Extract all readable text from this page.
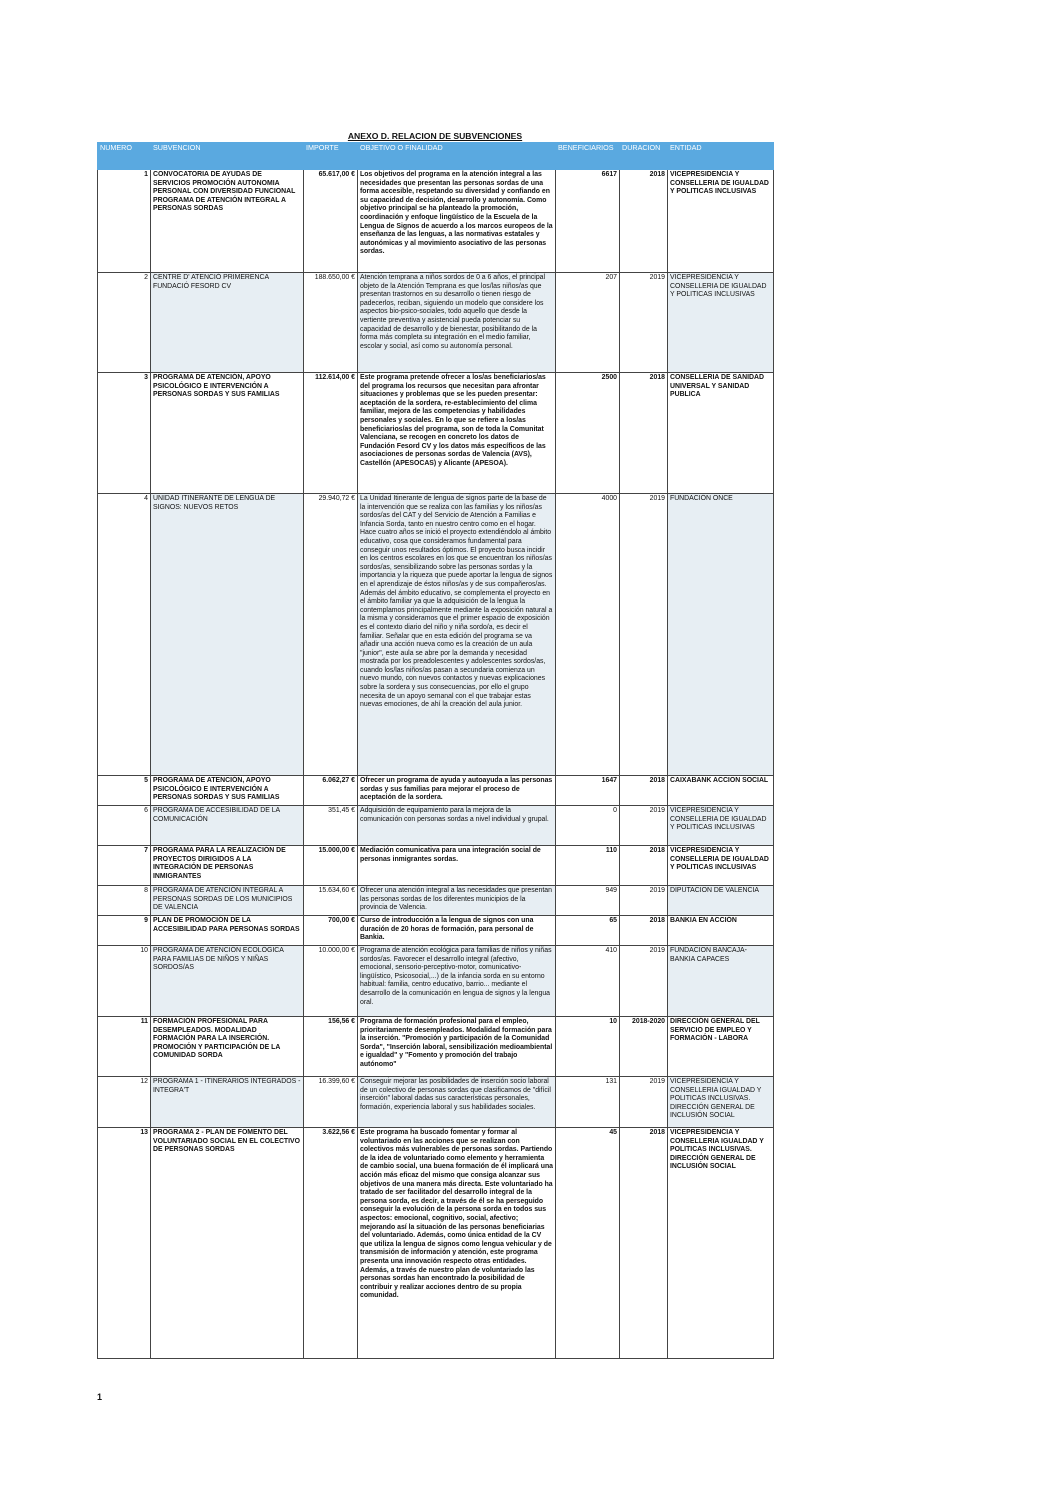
ANEXO D. RELACION DE SUBVENCIONES
NUMERO	SUBVENCION	IMPORTE	OBJETIVO O FINALIDAD	BENEFICIARIOS	DURACION	ENTIDAD
1	CONVOCATORIA DE AYUDAS DE SERVICIOS PROMOCIÓN AUTONOMIA PERSONAL CON DIVERSIDAD FUNCIONAL PROGRAMA DE ATENCIÓN INTEGRAL A PERSONAS SORDAS	65.617,00 €	Los objetivos del programa en la atención integral a las necesidades que presentan las personas sordas de una forma accesible, respetando su diversidad y confiando en su capacidad de decisión, desarrollo y autonomía. Como objetivo principal se ha planteado la promoción, coordinación y enfoque lingüístico de la Escuela de la Lengua de Signos de acuerdo a los marcos europeos de la enseñanza de las lenguas, a las normativas estatales y autonómicas y al movimiento asociativo de las personas sordas.	6617	2018	VICEPRESIDENCIA Y CONSELLERIA DE IGUALDAD Y POLITICAS INCLUSIVAS
2	CENTRE D' ATENCIÓ PRIMERENCA FUNDACIÓ FESORD CV	188.650,00 €	Atención temprana a niños sordos de 0 a 6 años, el principal objeto de la Atención Temprana es que los/las niños/as que presentan trastornos en su desarrollo o tienen riesgo de padecerlos, reciban, siguiendo un modelo que considere los aspectos bio-psico-sociales, todo aquello que desde la vertiente preventiva y asistencial pueda potenciar su capacidad de desarrollo y de bienestar, posibilitando de la forma más completa su integración en el medio familiar, escolar y social, así como su autonomía personal.	207	2019	VICEPRESIDENCIA Y CONSELLERIA DE IGUALDAD Y POLITICAS INCLUSIVAS
3	PROGRAMA DE ATENCIÓN, APOYO PSICOLÓGICO E INTERVENCIÓN A PERSONAS SORDAS Y SUS FAMILIAS	112.614,00 €	Este programa pretende ofrecer a los/as beneficiarios/as del programa los recursos que necesitan para afrontar situaciones y problemas que se les pueden presentar: aceptación de la sordera, re-establecimiento del clima familiar, mejora de las competencias y habilidades personales y sociales. En lo que se refiere a los/as beneficiarios/as del programa, son de toda la Comunitat Valenciana, se recogen en concreto los datos de Fundación Fesord CV y los datos más específicos de las asociaciones de personas sordas de Valencia (AVS), Castellón (APESOCAS) y Alicante (APESOA).	2500	2018	CONSELLERIA DE SANIDAD UNIVERSAL Y SANIDAD PUBLICA
4	UNIDAD ITINERANTE DE LENGUA DE SIGNOS: NUEVOS RETOS	29.940,72 €	La Unidad Itinerante de lengua de signos parte de la base de la intervención que se realiza con las familias y los niños/as sordos/as del CAT y del Servicio de Atención a Familias e Infancia Sorda, tanto en nuestro centro como en el hogar. Hace cuatro años se inició el proyecto extendiéndolo al ámbito educativo, cosa que consideramos fundamental para conseguir unos resultados óptimos. El proyecto busca incidir en los centros escolares en los que se encuentran los niños/as sordos/as, sensibilizando sobre las personas sordas y la importancia y la riqueza que puede aportar la lengua de signos en el aprendizaje de éstos niños/as y de sus compañeros/as. Además del ámbito educativo, se complementa el proyecto en el ámbito familiar ya que la adquisición de la lengua la contemplamos principalmente mediante la exposición natural a la misma y consideramos que el primer espacio de exposición es el contexto diario del niño y niña sordo/a, es decir el familiar. Señalar que en esta edición del programa se va añadir una acción nueva como es la creación de un aula "junior", este aula se abre por la demanda y necesidad mostrada por los preadolescentes y adolescentes sordos/as, cuando los/las niños/as pasan a secundaria comienza un nuevo mundo, con nuevos contactos y nuevas explicaciones sobre la sordera y sus consecuencias, por ello el grupo necesita de un apoyo semanal con el que trabajar estas nuevas emociones, de ahí la creación del aula junior.	4000	2019	FUNDACIÓN ONCE
5	PROGRAMA DE ATENCIÓN, APOYO PSICOLÓGICO E INTERVENCIÓN A PERSONAS SORDAS Y SUS FAMILIAS	6.062,27 €	Ofrecer un programa de ayuda y autoayuda a las personas sordas y sus familias para mejorar el proceso de aceptación de la sordera.	1647	2018	CAIXABANK ACCION SOCIAL
6	PROGRAMA DE ACCESIBILIDAD DE LA COMUNICACIÓN	351,45 €	Adquisición de equipamiento para la mejora de la comunicación con personas sordas a nivel individual y grupal.	0	2019	VICEPRESIDENCIA Y CONSELLERIA DE IGUALDAD Y POLITICAS INCLUSIVAS
7	PROGRAMA PARA LA REALIZACIÓN DE PROYECTOS DIRIGIDOS A LA INTEGRACIÓN DE PERSONAS INMIGRANTES	15.000,00 €	Mediación comunicativa para una integración social de personas inmigrantes sordas.	110	2018	VICEPRESIDENCIA Y CONSELLERIA DE IGUALDAD Y POLITICAS INCLUSIVAS
8	PROGRAMA DE ATENCIÓN INTEGRAL A PERSONAS SORDAS DE LOS MUNICIPIOS DE VALENCIA	15.634,60 €	Ofrecer una atención integral a las necesidades que presentan las personas sordas de los diferentes municipios de la provincia de Valencia.	949	2019	DIPUTACION DE VALENCIA
9	PLAN DE PROMOCIÓN DE LA ACCESIBILIDAD PARA PERSONAS SORDAS	700,00 €	Curso de introducción a la lengua de signos con una duración de 20 horas de formación, para personal de Bankia.	65	2018	BANKIA EN ACCIÓN
10	PROGRAMA DE ATENCIÓN ECOLÓGICA PARA FAMILIAS DE NIÑOS Y NIÑAS SORDOS/AS	10.000,00 €	Programa de atención ecológica para familias de niños y niñas sordos/as. Favorecer el desarrollo integral (afectivo, emocional, sensorio-perceptivo-motor, comunicativo-lingüístico, Psicosocial,...) de la infancia sorda en su entorno habitual: familia, centro educativo, barrio... mediante el desarrollo de la comunicación en lengua de signos y la lengua oral.	410	2019	FUNDACION BANCAJA-BANKIA CAPACES
11	FORMACIÓN PROFESIONAL PARA DESEMPLEADOS. MODALIDAD FORMACIÓN PARA LA INSERCIÓN. PROMOCIÓN Y PARTICIPACIÓN DE LA COMUNIDAD SORDA	156,56 €	Programa de formación profesional para el empleo, prioritariamente desempleados. Modalidad formación para la inserción. "Promoción y participación de la Comunidad Sorda", "Inserción laboral, sensibilización medioambiental e igualdad" y "Fomento y promoción del trabajo autónomo"	10	2018-2020	DIRECCIÓN GENERAL DEL SERVICIO DE EMPLEO Y FORMACIÓN - LABORA
12	PROGRAMA 1 - ITINERARIOS INTEGRADOS - INTEGRA'T	16.399,60 €	Conseguir mejorar las posibilidades de inserción socio laboral de un colectivo de personas sordas que clasificamos de "difícil inserción" laboral dadas sus características personales, formación, experiencia laboral y sus habilidades sociales.	131	2019	VICEPRESIDENCIA Y CONSELLERIA IGUALDAD Y POLITICAS INCLUSIVAS. DIRECCIÓN GENERAL DE INCLUSIÓN SOCIAL
13	PROGRAMA 2 - PLAN DE FOMENTO DEL VOLUNTARIADO SOCIAL EN EL COLECTIVO DE PERSONAS SORDAS	3.622,56 €	Este programa ha buscado fomentar y formar al voluntariado en las acciones que se realizan con colectivos más vulnerables de personas sordas. Partiendo de la idea de voluntariado como elemento y herramienta de cambio social, una buena formación de él implicará una acción más eficaz del mismo que consiga alcanzar sus objetivos de una manera más directa. Este voluntariado ha tratado de ser facilitador del desarrollo integral de la persona sorda, es decir, a través de él se ha perseguido conseguir la evolución de la persona sorda en todos sus aspectos: emocional, cognitivo, social, afectivo; mejorando así la situación de las personas beneficiarias del voluntariado. Además, como única entidad de la CV que utiliza la lengua de signos como lengua vehicular y de transmisión de información y atención, este programa presenta una innovación respecto otras entidades. Además, a través de nuestro plan de voluntariado las personas sordas han encontrado la posibilidad de contribuir y realizar acciones dentro de su propia comunidad.	45	2018	VICEPRESIDENCIA Y CONSELLERIA IGUALDAD Y POLITICAS INCLUSIVAS. DIRECCIÓN GENERAL DE INCLUSIÓN SOCIAL
1
